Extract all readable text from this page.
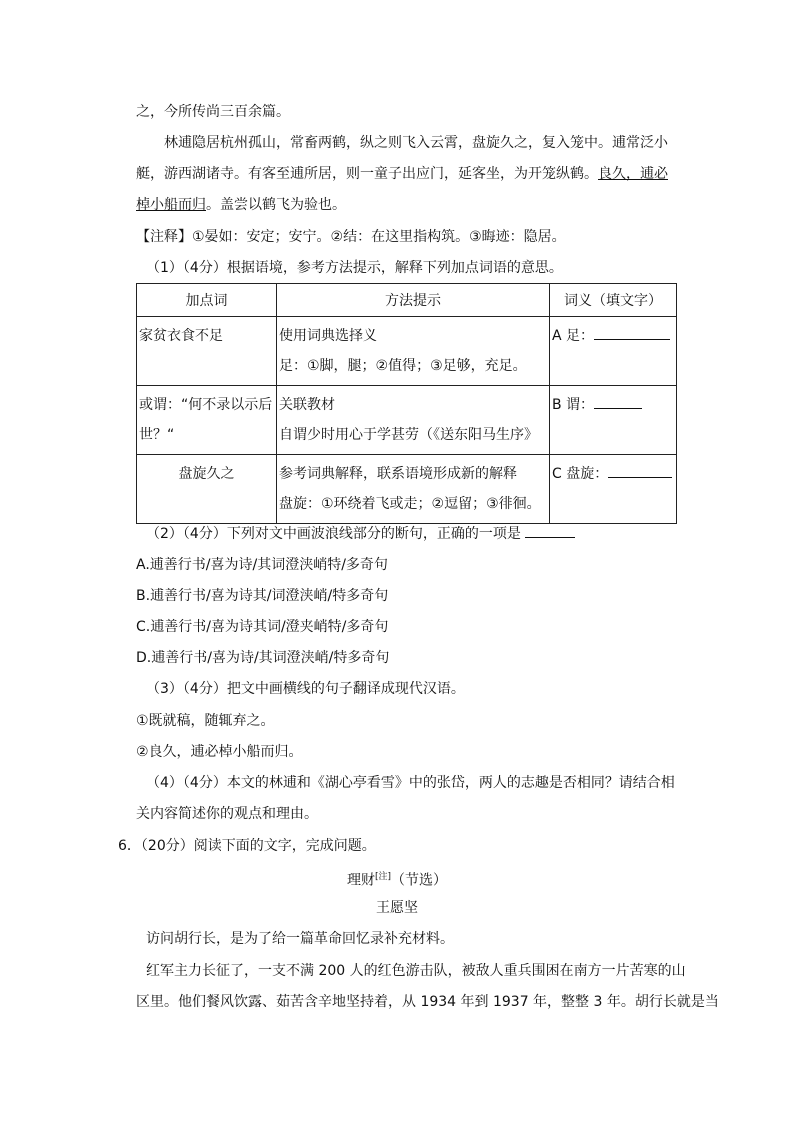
之，今所传尚三百余篇。
林逋隐居杭州孤山，常畜两鹤，纵之则飞入云霄，盘旋久之，复入笼中。逋常泛小
艇，游西湖诸寺。有客至逋所居，则一童子出应门，延客坐，为开笼纵鹤。良久，逋必
棹小船而归。盖尝以鹤飞为验也。
【注释】①晏如：安定；安宁。②结：在这里指构筑。③晦迹：隐居。
（1）（4分）根据语境，参考方法提示，解释下列加点词语的意思。
加点词	方法提示	词义（填文字）

家贫衣食不足	使用词典选择义
足：①脚，腿；②值得；③足够，充足。	A 足：

或谓：“何不录以示后世？“	关联教材
自谓少时用心于学甚劳（《送东阳马生序》	B 谓：

盘旋久之	参考词典解释，联系语境形成新的解释
盘旋：①环绕着飞或走；②逗留；③徘徊。	C 盘旋：
（2）（4分）下列对文中画波浪线部分的断句，正确的一项是
A.逋善行书/喜为诗/其词澄浃峭特/多奇句
B.逋善行书/喜为诗其/词澄浃峭/特多奇句
C.逋善行书/喜为诗其词/澄夹峭特/多奇句
D.逋善行书/喜为诗/其词澄浃峭/特多奇句
（3）（4分）把文中画横线的句子翻译成现代汉语。
①既就稿，随辄弃之。
②良久，逋必棹小船而归。
（4）（4分）本文的林逋和《湖心亭看雪》中的张岱，两人的志趣是否相同？请结合相
关内容简述你的观点和理由。
6．（20分）阅读下面的文字，完成问题。
理财[注]（节选）
王愿坚
访问胡行长，是为了给一篇革命回忆录补充材料。
红军主力长征了，一支不满 200 人的红色游击队，被敌人重兵围困在南方一片苦寒的山
区里。他们餐风饮露、茹苦含辛地坚持着，从 1934 年到 1937 年，整整 3 年。胡行长就是当
